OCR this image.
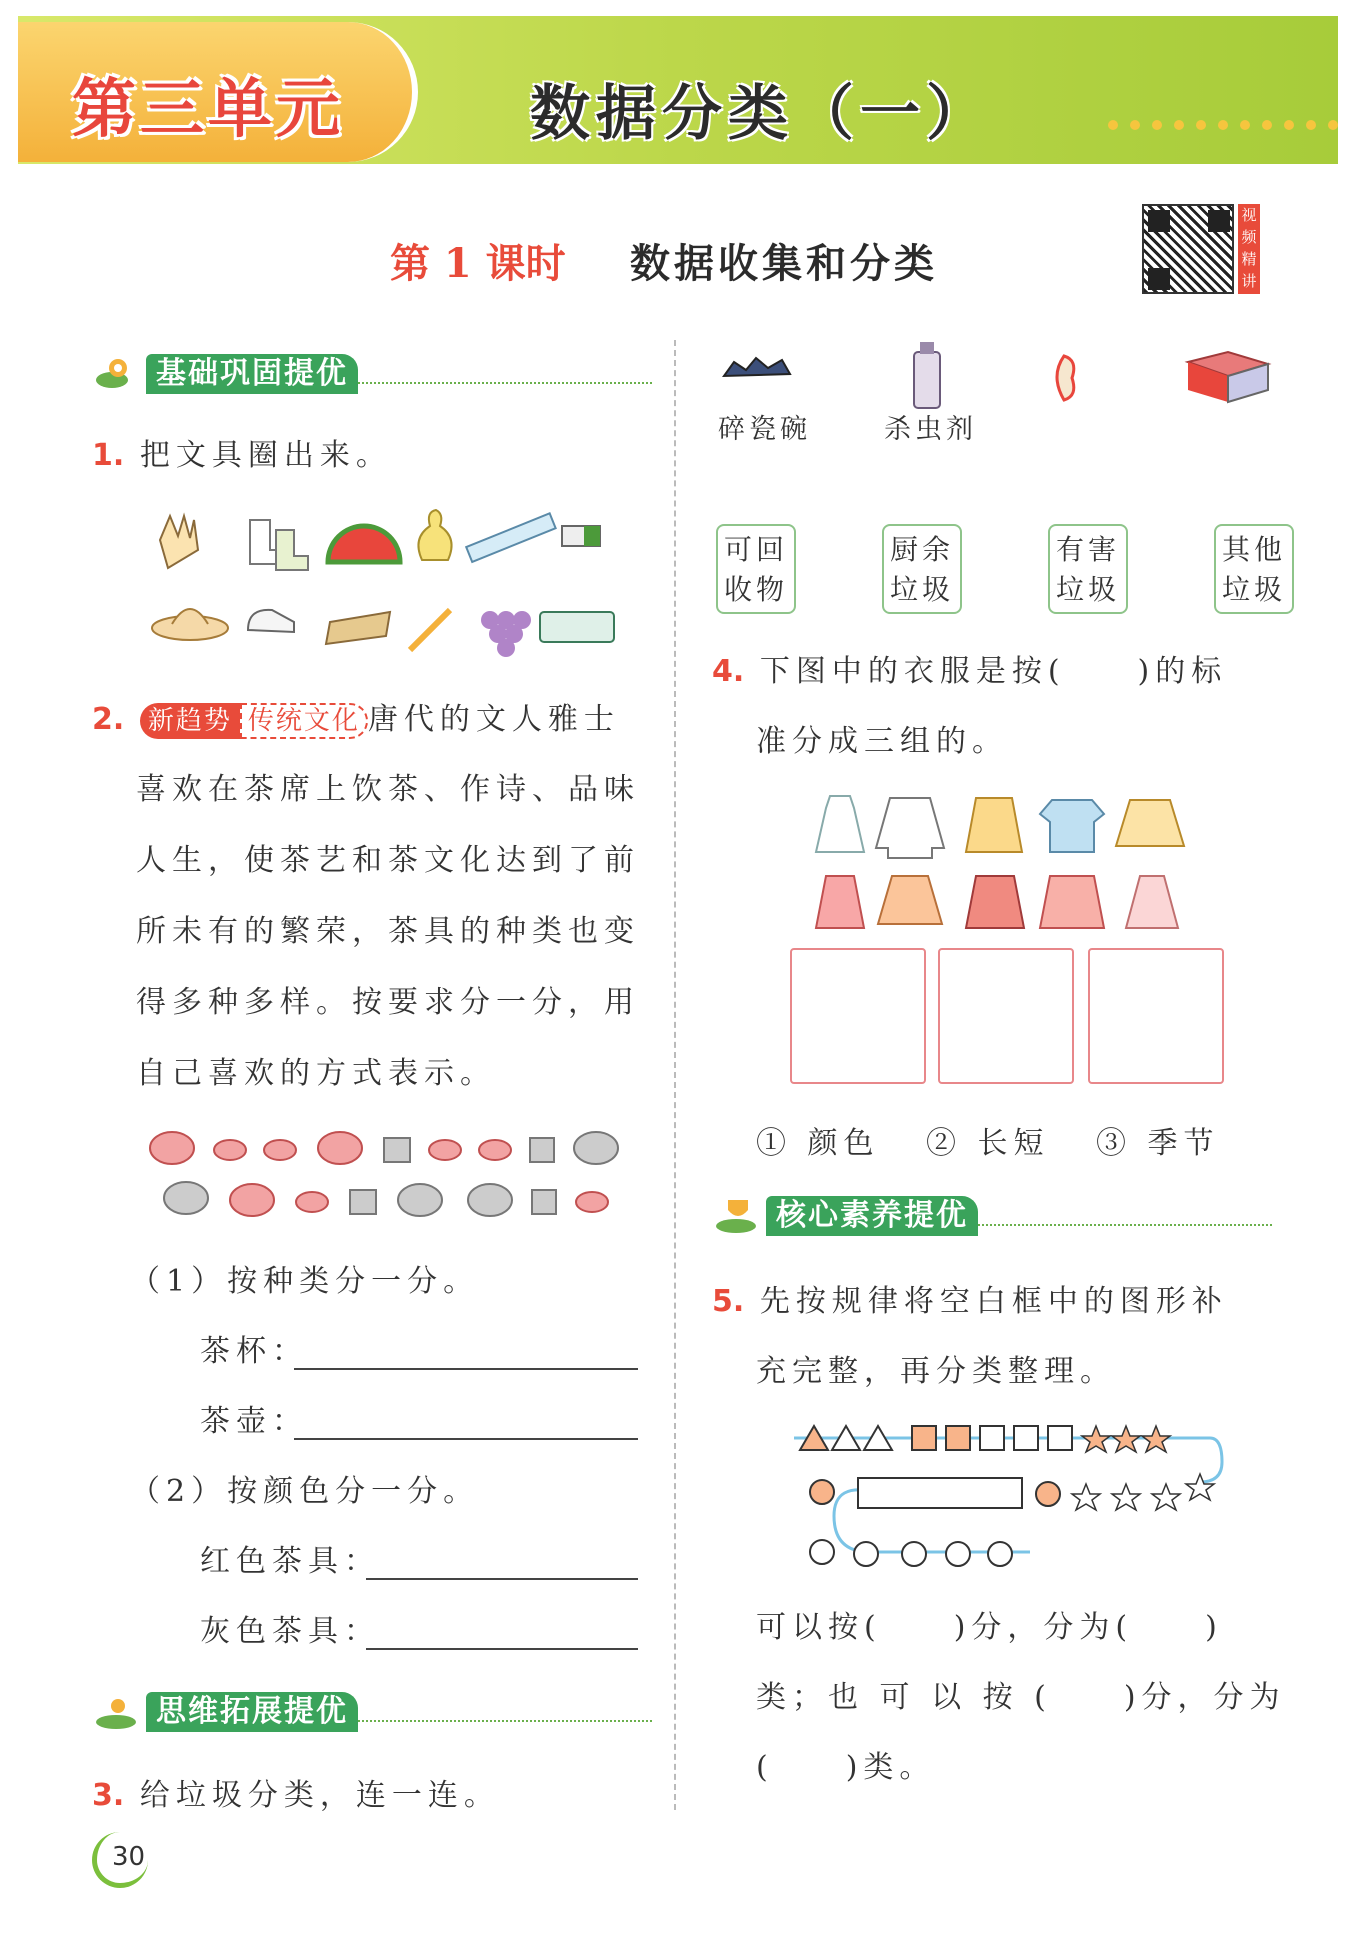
第三单元	数据分类（一）
第 1 课时 数据收集和分类
视频精讲
基础巩固提优
1. 把文具圈出来。
2. 新趋势 传统文化 唐代的文人雅士
喜欢在茶席上饮茶、作诗、品味
人生，使茶艺和茶文化达到了前
所未有的繁荣，茶具的种类也变
得多种多样。按要求分一分，用
自己喜欢的方式表示。
（1）按种类分一分。
茶杯：
茶壶：
（2）按颜色分一分。
红色茶具：
灰色茶具：
思维拓展提优
3. 给垃圾分类，连一连。
碎瓷碗	杀虫剂
可回
收物
厨余
垃圾
有害
垃圾
其他
垃圾
4. 下图中的衣服是按(　　)的标
准分成三组的。
① 颜色 ② 长短 ③ 季节
核心素养提优
5. 先按规律将空白框中的图形补
充完整，再分类整理。
可以按(　　)分，分为(　　)
类；也 可 以 按 (　　)分，分为
(　　)类。
30
